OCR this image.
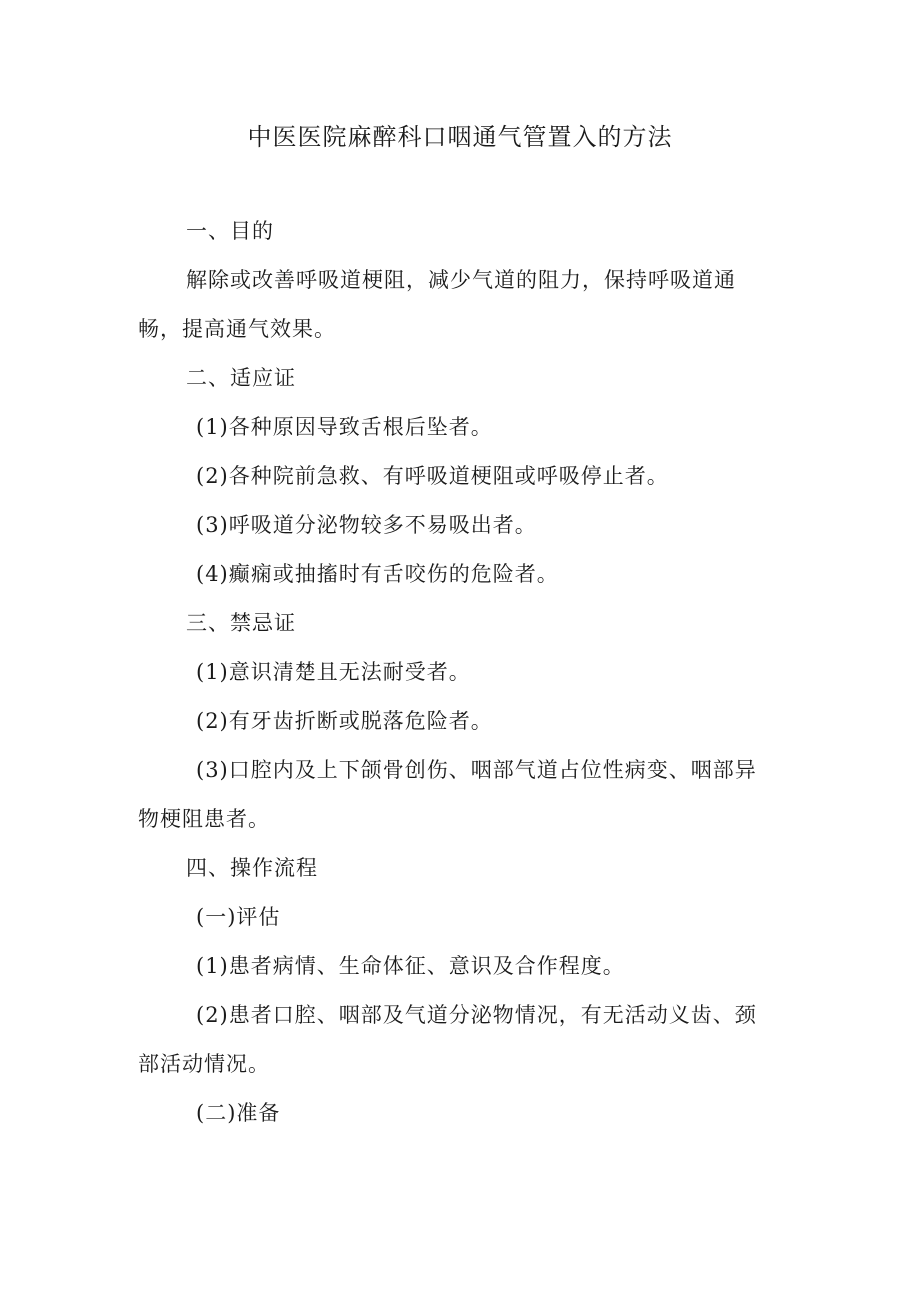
中医医院麻醉科口咽通气管置入的方法

一、目的

解除或改善呼吸道梗阻，减少气道的阻力，保持呼吸道通

畅，提高通气效果。

二、适应证

(1)各种原因导致舌根后坠者。

(2)各种院前急救、有呼吸道梗阻或呼吸停止者。

(3)呼吸道分泌物较多不易吸出者。

(4)癫痫或抽搐时有舌咬伤的危险者。

三、禁忌证

(1)意识清楚且无法耐受者。

(2)有牙齿折断或脱落危险者。

(3)口腔内及上下颌骨创伤、咽部气道占位性病变、咽部异

物梗阻患者。

四、操作流程

(一)评估

(1)患者病情、生命体征、意识及合作程度。

(2)患者口腔、咽部及气道分泌物情况，有无活动义齿、颈

部活动情况。

(二)准备
